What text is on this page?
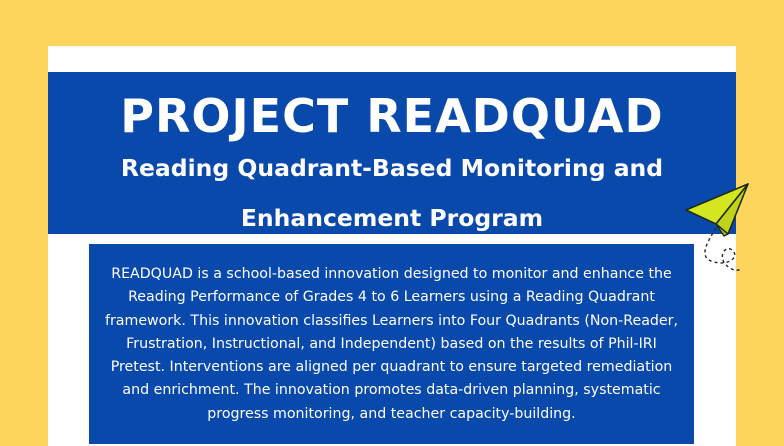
PROJECT READQUAD
Reading Quadrant-Based Monitoring and Enhancement Program

READQUAD is a school-based innovation designed to monitor and enhance the Reading Performance of Grades 4 to 6 Learners using a Reading Quadrant framework. This innovation classifies Learners into Four Quadrants (Non-Reader, Frustration, Instructional, and Independent) based on the results of Phil-IRI Pretest. Interventions are aligned per quadrant to ensure targeted remediation and enrichment. The innovation promotes data-driven planning, systematic progress monitoring, and teacher capacity-building.
